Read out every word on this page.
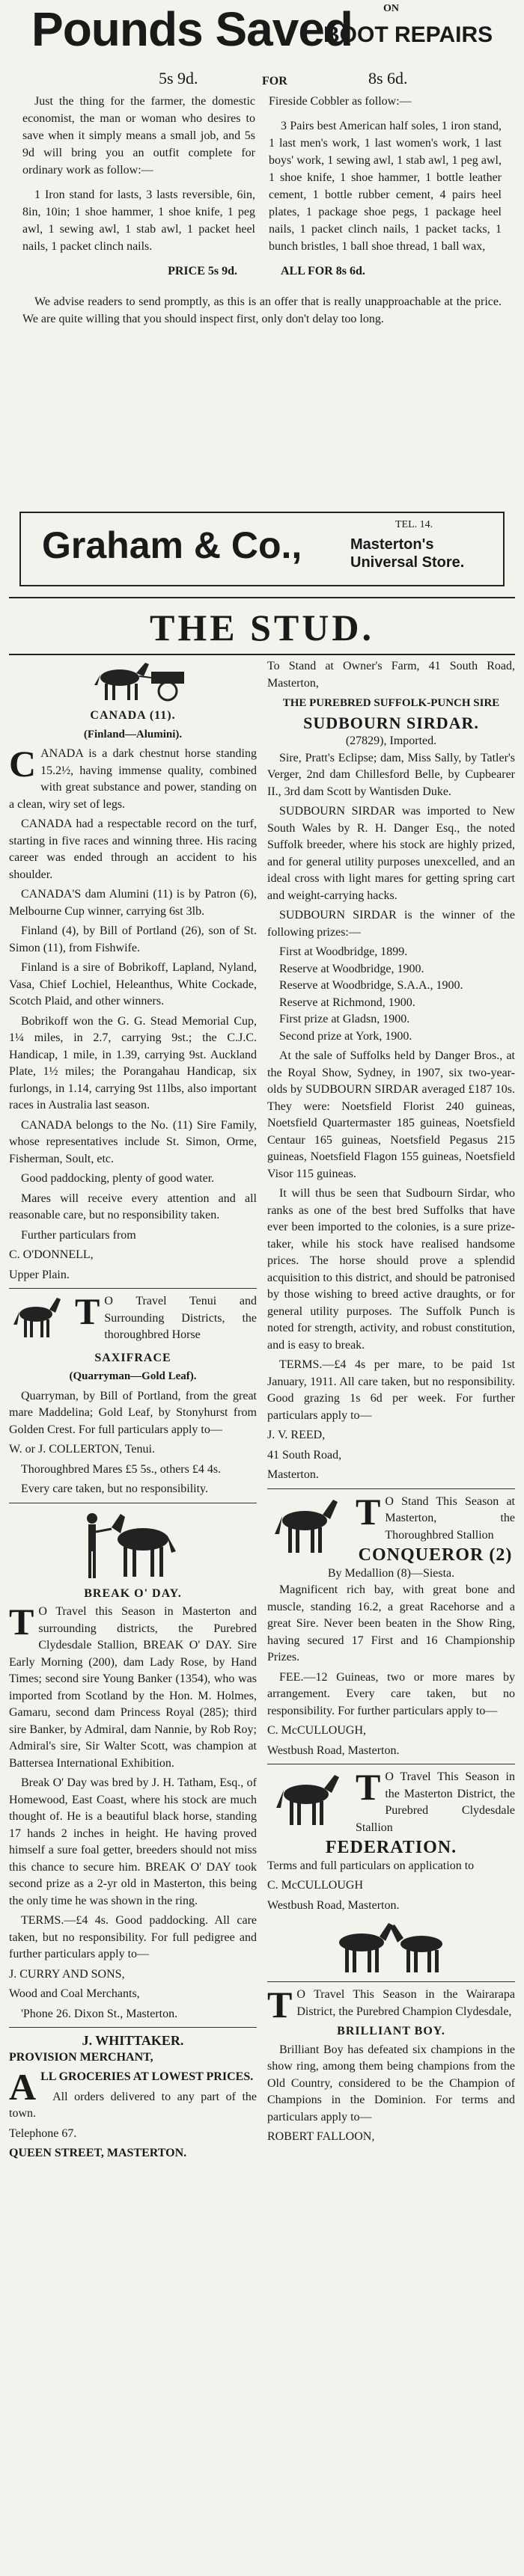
Pounds Saved	ON
BOOT REPAIRS
5s 9d.	FOR	8s 6d.

Just the thing for the farmer, the domestic economist, the man or woman who desires to save when it simply means a small job, and 5s 9d will bring you an outfit complete for ordinary work as follow:—

1 Iron stand for lasts, 3 lasts reversible, 6in, 8in, 10in; 1 shoe hammer, 1 shoe knife, 1 peg awl, 1 sewing awl, 1 stab awl, 1 packet heel nails, 1 packet clinch nails.

PRICE 5s 9d.

Fireside Cobbler as follow:—

3 Pairs best American half soles, 1 iron stand, 1 last men's work, 1 last women's work, 1 last boys' work, 1 sewing awl, 1 stab awl, 1 peg awl, 1 shoe knife, 1 shoe hammer, 1 bottle leather cement, 1 bottle rubber cement, 4 pairs heel plates, 1 package shoe pegs, 1 package heel nails, 1 packet clinch nails, 1 packet tacks, 1 bunch bristles, 1 ball shoe thread, 1 ball wax,

ALL FOR 8s 6d.

We advise readers to send promptly, as this is an offer that is really unapproachable at the price. We are quite willing that you should inspect first, only don't delay too long.

Graham & Co.,	TEL. 14.
Masterton's Universal Store.
THE STUD.
CANADA (11).
(Finland—Alumini).

CANADA is a dark chestnut horse standing 15.2½, having immense quality, combined with great substance and power, standing on a clean, wiry set of legs.

CANADA had a respectable record on the turf, starting in five races and winning three. His racing career was ended through an accident to his shoulder.

CANADA'S dam Alumini (11) is by Patron (6), Melbourne Cup winner, carrying 6st 3lb.

Finland (4), by Bill of Portland (26), son of St. Simon (11), from Fishwife.

Finland is a sire of Bobrikoff, Lapland, Nyland, Vasa, Chief Lochiel, Heleanthus, White Cockade, Scotch Plaid, and other winners.

Bobrikoff won the G. G. Stead Memorial Cup, 1¼ miles, in 2.7, carrying 9st.; the C.J.C. Handicap, 1 mile, in 1.39, carrying 9st. Auckland Plate, 1½ miles; the Porangahau Handicap, six furlongs, in 1.14, carrying 9st 11lbs, also important races in Australia last season.

CANADA belongs to the No. (11) Sire Family, whose representatives include St. Simon, Orme, Fisherman, Soult, etc.

Good paddocking, plenty of good water.

Mares will receive every attention and all reasonable care, but no responsibility taken.

Further particulars from

C. O'DONNELL,

Upper Plain.

T O Travel Tenui and Surrounding Districts, the thoroughbred Horse

SAXIFRACE
(Quarryman—Gold Leaf).

Quarryman, by Bill of Portland, from the great mare Maddelina; Gold Leaf, by Stonyhurst from Golden Crest. For full particulars apply to—

W. or J. COLLERTON, Tenui.

Thoroughbred Mares £5 5s., others £4 4s.

Every care taken, but no responsibility.

BREAK O' DAY.

T O Travel this Season in Masterton and surrounding districts, the Purebred Clydesdale Stallion, BREAK O' DAY. Sire Early Morning (200), dam Lady Rose, by Hand Times; second sire Young Banker (1354), who was imported from Scotland by the Hon. M. Holmes, Gamaru, second dam Princess Royal (285); third sire Banker, by Admiral, dam Nannie, by Rob Roy; Admiral's sire, Sir Walter Scott, was champion at Battersea International Exhibition.

Break O' Day was bred by J. H. Tatham, Esq., of Homewood, East Coast, where his stock are much thought of. He is a beautiful black horse, standing 17 hands 2 inches in height. He having proved himself a sure foal getter, breeders should not miss this chance to secure him. BREAK O' DAY took second prize as a 2-yr old in Masterton, this being the only time he was shown in the ring.

TERMS.—£4 4s. Good paddocking. All care taken, but no responsibility. For full pedigree and further particulars apply to—

J. CURRY AND SONS,

Wood and Coal Merchants,

'Phone 26. Dixon St., Masterton.

J. WHITTAKER.

PROVISION MERCHANT,

ALL GROCERIES AT LOWEST PRICES.

All orders delivered to any part of the town.

Telephone 67.

QUEEN STREET, MASTERTON.

To Stand at Owner's Farm, 41 South Road, Masterton,

THE PUREBRED SUFFOLK-PUNCH SIRE
SUDBOURN SIRDAR.
(27829), Imported.

Sire, Pratt's Eclipse; dam, Miss Sally, by Tatler's Verger, 2nd dam Chillesford Belle, by Cupbearer II., 3rd dam Scott by Wantisden Duke.

SUDBOURN SIRDAR was imported to New South Wales by R. H. Danger Esq., the noted Suffolk breeder, where his stock are highly prized, and for general utility purposes unexcelled, and an ideal cross with light mares for getting spring cart and weight-carrying hacks.

SUDBOURN SIRDAR is the winner of the following prizes:—

First at Woodbridge, 1899.

Reserve at Woodbridge, 1900.

Reserve at Woodbridge, S.A.A., 1900.

Reserve at Richmond, 1900.

First prize at Gladsn, 1900.

Second prize at York, 1900.

At the sale of Suffolks held by Danger Bros., at the Royal Show, Sydney, in 1907, six two-year-olds by SUDBOURN SIRDAR averaged £187 10s. They were: Noetsfield Florist 240 guineas, Noetsfield Quartermaster 185 guineas, Noetsfield Centaur 165 guineas, Noetsfield Pegasus 215 guineas, Noetsfield Flagon 155 guineas, Noetsfield Visor 115 guineas.

It will thus be seen that Sudbourn Sirdar, who ranks as one of the best bred Suffolks that have ever been imported to the colonies, is a sure prize-taker, while his stock have realised handsome prices. The horse should prove a splendid acquisition to this district, and should be patronised by those wishing to breed active draughts, or for general utility purposes. The Suffolk Punch is noted for strength, activity, and robust constitution, and is easy to break.

TERMS.—£4 4s per mare, to be paid 1st January, 1911. All care taken, but no responsibility. Good grazing 1s 6d per week. For further particulars apply to—

J. V. REED,

41 South Road,

Masterton.

T O Stand This Season at Masterton, the Thoroughbred Stallion

CONQUEROR (2)
By Medallion (8)—Siesta.

Magnificent rich bay, with great bone and muscle, standing 16.2, a great Racehorse and a great Sire. Never been beaten in the Show Ring, having secured 17 First and 16 Championship Prizes.

FEE.—12 Guineas, two or more mares by arrangement. Every care taken, but no responsibility. For further particulars apply to—

C. McCULLOUGH,

Westbush Road, Masterton.

T O Travel This Season in the Masterton District, the Purebred Clydesdale Stallion

FEDERATION.

Terms and full particulars on application to

C. McCULLOUGH

Westbush Road, Masterton.

T O Travel This Season in the Wairarapa District, the Purebred Champion Clydesdale,

BRILLIANT BOY.

Brilliant Boy has defeated six champions in the show ring, among them being champions from the Old Country, considered to be the Champion of Champions in the Dominion. For terms and particulars apply to—

ROBERT FALLOON,
